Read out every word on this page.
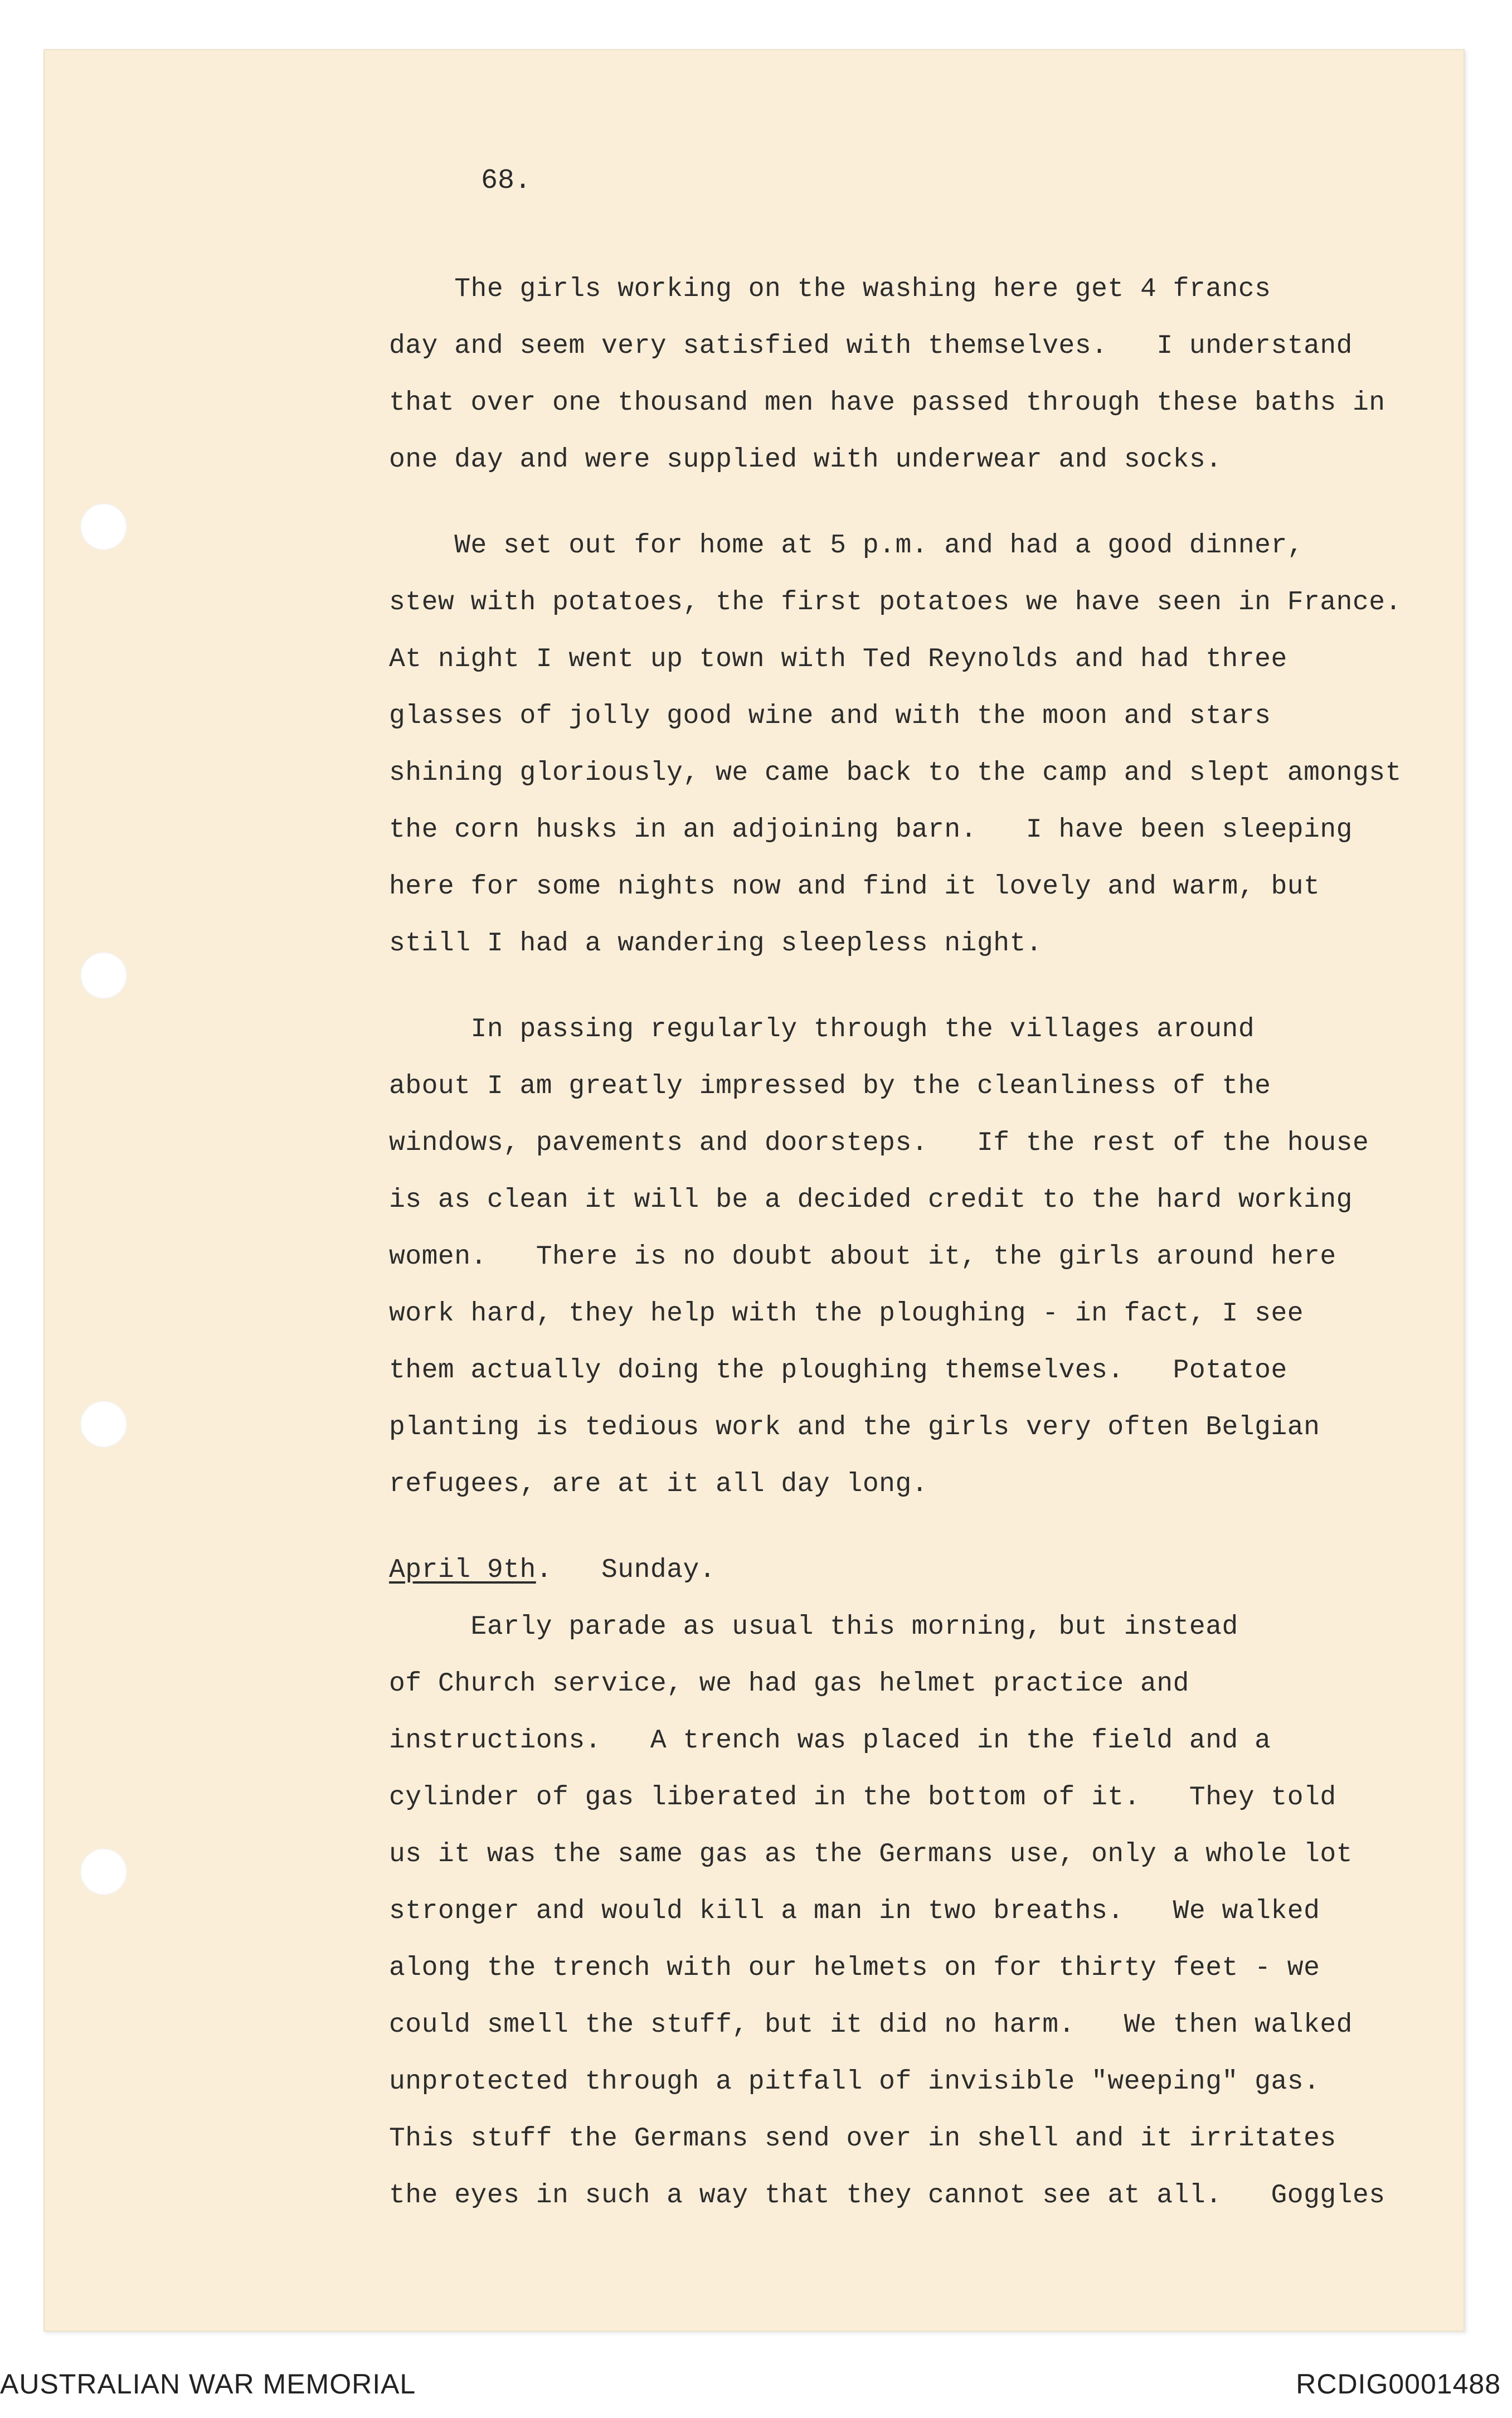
68.
The girls working on the washing here get 4 francs
day and seem very satisfied with themselves.   I understand
that over one thousand men have passed through these baths in
one day and were supplied with underwear and socks.
We set out for home at 5 p.m. and had a good dinner,
stew with potatoes, the first potatoes we have seen in France.
At night I went up town with Ted Reynolds and had three
glasses of jolly good wine and with the moon and stars
shining gloriously, we came back to the camp and slept amongst
the corn husks in an adjoining barn.   I have been sleeping
here for some nights now and find it lovely and warm, but
still I had a wandering sleepless night.
In passing regularly through the villages around
about I am greatly impressed by the cleanliness of the
windows, pavements and doorsteps.   If the rest of the house
is as clean it will be a decided credit to the hard working
women.   There is no doubt about it, the girls around here
work hard, they help with the ploughing - in fact, I see
them actually doing the ploughing themselves.   Potatoe
planting is tedious work and the girls very often Belgian
refugees, are at it all day long.
April 9th.   Sunday.
Early parade as usual this morning, but instead
of Church service, we had gas helmet practice and
instructions.   A trench was placed in the field and a
cylinder of gas liberated in the bottom of it.   They told
us it was the same gas as the Germans use, only a whole lot
stronger and would kill a man in two breaths.   We walked
along the trench with our helmets on for thirty feet - we
could smell the stuff, but it did no harm.   We then walked
unprotected through a pitfall of invisible "weeping" gas.
This stuff the Germans send over in shell and it irritates
the eyes in such a way that they cannot see at all.   Goggles
AUSTRALIAN WAR MEMORIAL	RCDIG0001488
